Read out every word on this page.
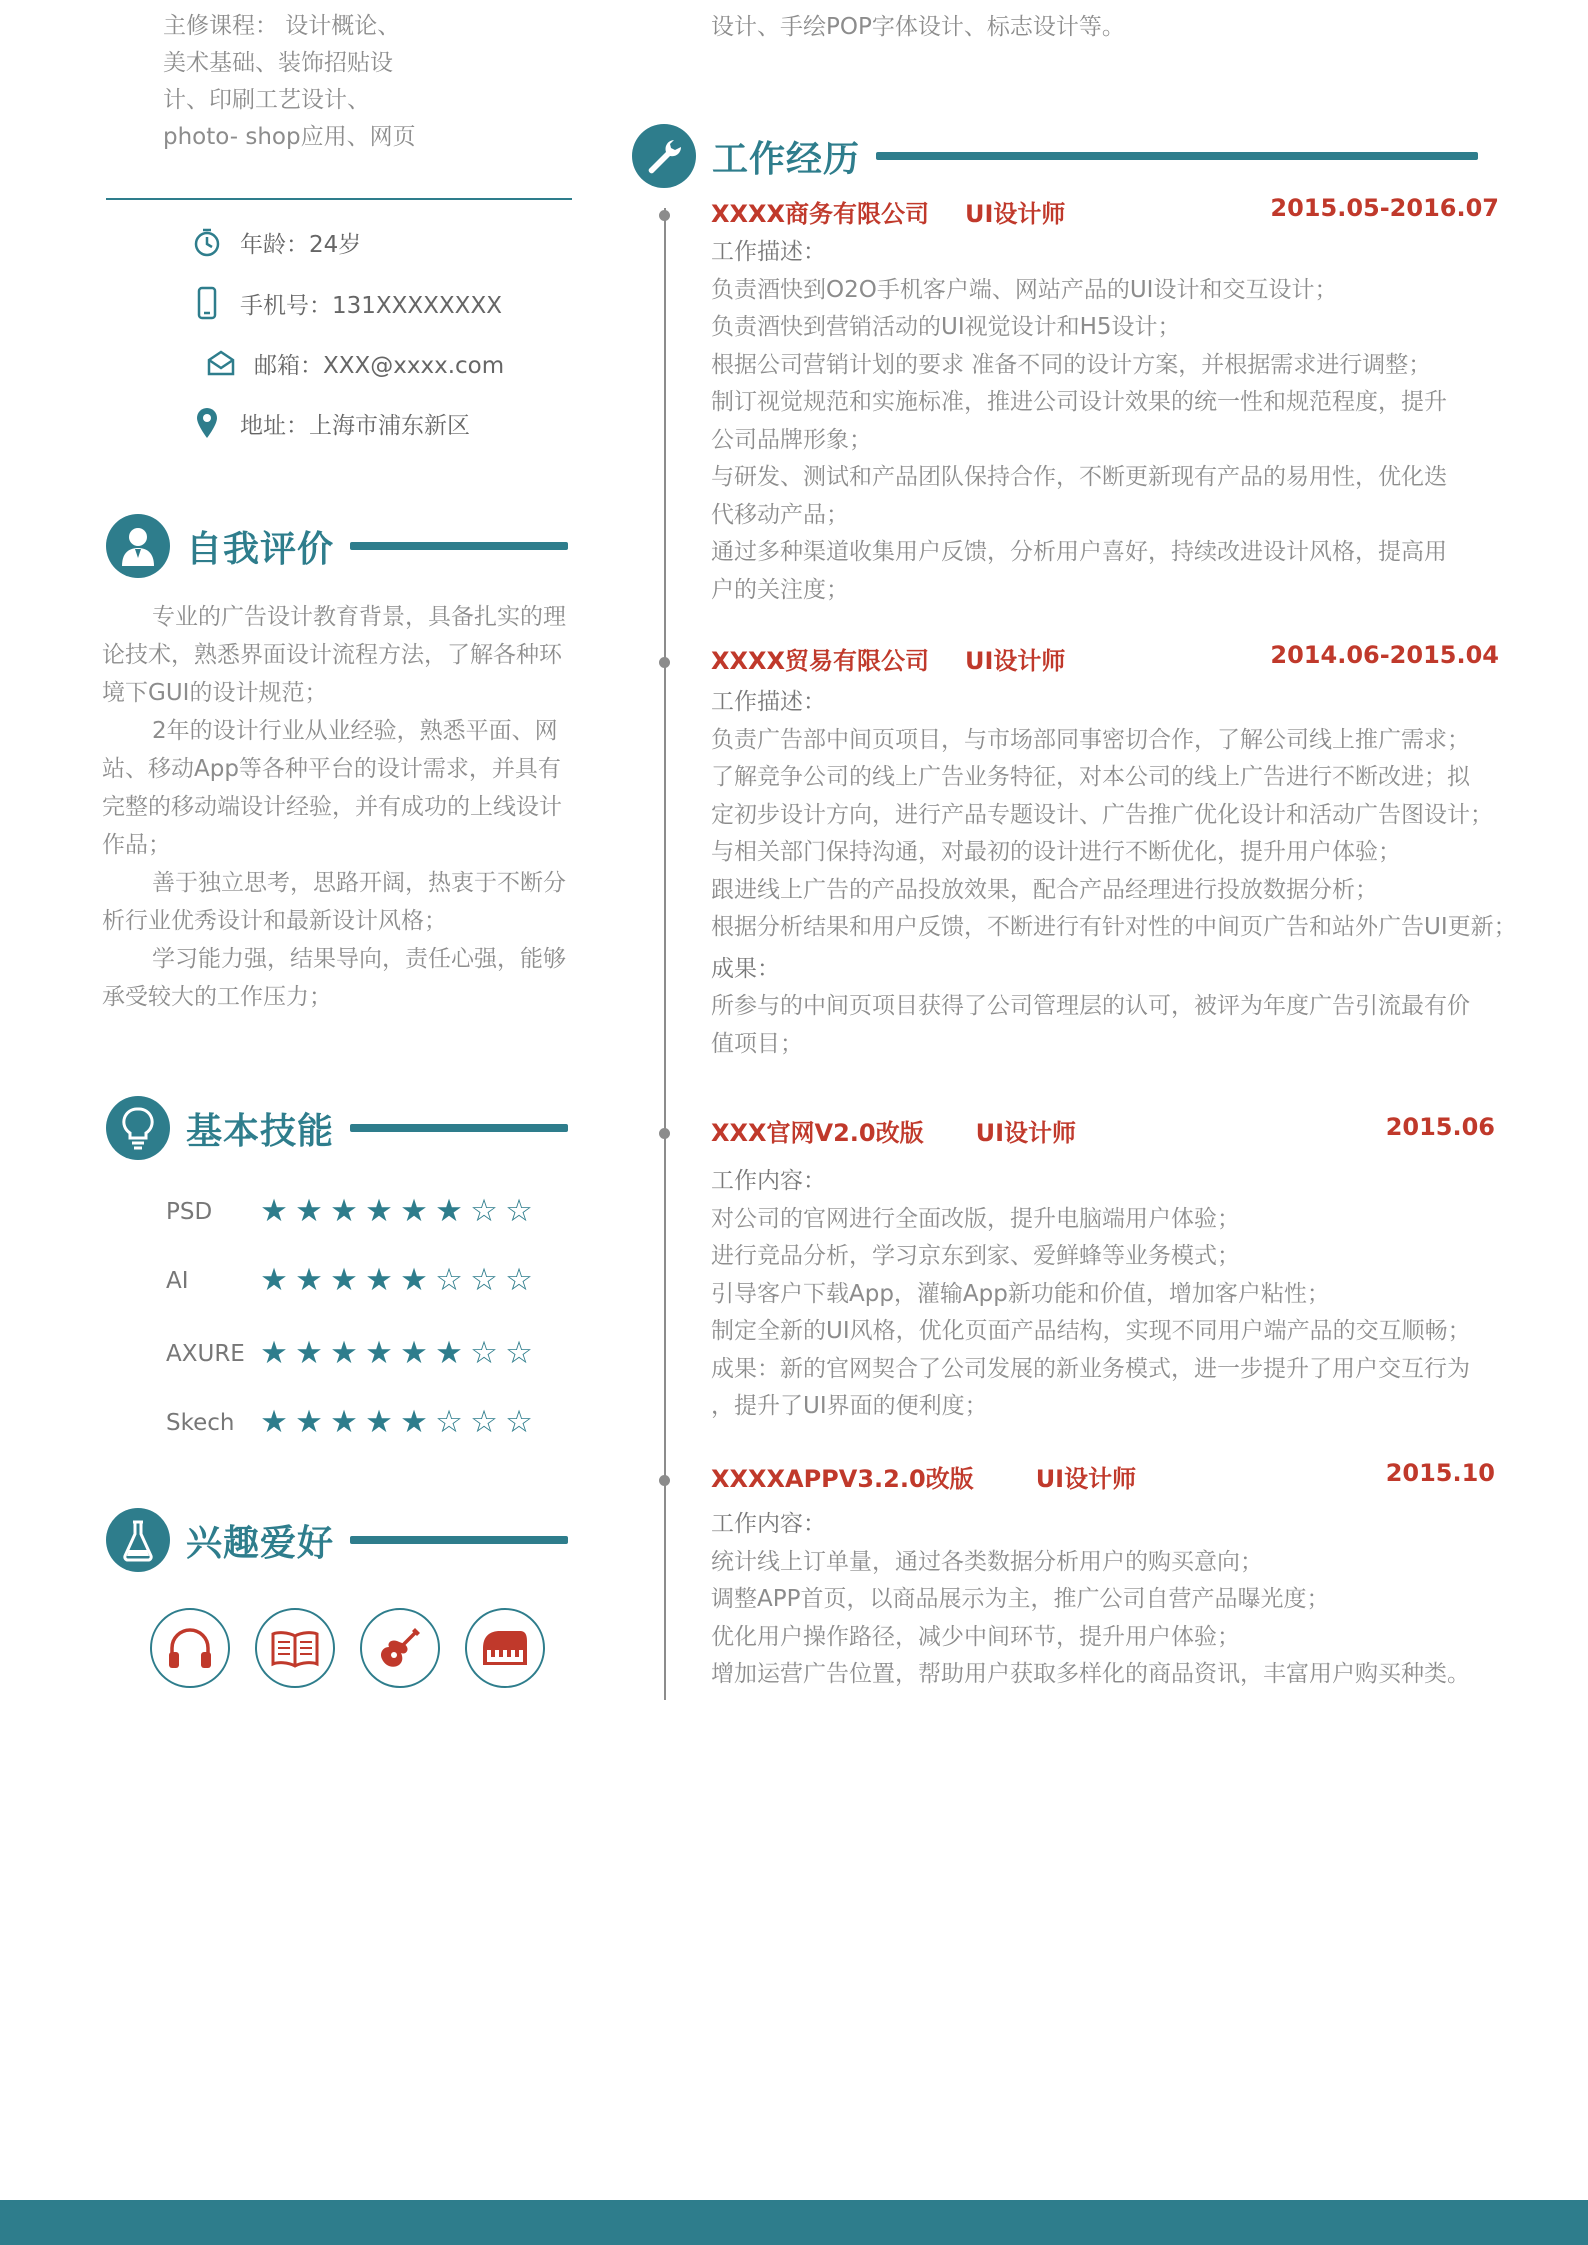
主修课程： 设计概论、
美术基础、装饰招贴设
计、印刷工艺设计、
photo- shop应用、网页
设计、手绘POP字体设计、标志设计等。
年龄：24岁
手机号：131XXXXXXXX
邮箱：XXX@xxxx.com
地址：上海市浦东新区
自我评价

专业的广告设计教育背景，具备扎实的理论技术，熟悉界面设计流程方法，了解各种环境下GUI的设计规范；

2年的设计行业从业经验，熟悉平面、网站、移动App等各种平台的设计需求，并具有完整的移动端设计经验，并有成功的上线设计作品；

善于独立思考，思路开阔，热衷于不断分析行业优秀设计和最新设计风格；

学习能力强，结果导向，责任心强，能够承受较大的工作压力；

基本技能
PSD	★ ★ ★ ★ ★ ★ ☆ ☆
AI	★ ★ ★ ★ ★ ☆ ☆ ☆
AXURE ★ ★ ★ ★ ★ ★ ☆ ☆
Skech ★ ★ ★ ★ ★ ☆ ☆ ☆
兴趣爱好
工作经历
XXXX商务有限公司 UI设计师	2015.05-2016.07
工作描述：
负责酒快到O2O手机客户端、网站产品的UI设计和交互设计；
负责酒快到营销活动的UI视觉设计和H5设计；
根据公司营销计划的要求 准备不同的设计方案，并根据需求进行调整；
制订视觉规范和实施标准，推进公司设计效果的统一性和规范程度，提升
公司品牌形象；
与研发、测试和产品团队保持合作，不断更新现有产品的易用性，优化迭
代移动产品；
通过多种渠道收集用户反馈，分析用户喜好，持续改进设计风格，提高用
户的关注度；
XXXX贸易有限公司 UI设计师	2014.06-2015.04
工作描述：
负责广告部中间页项目，与市场部同事密切合作，了解公司线上推广需求；
了解竞争公司的线上广告业务特征，对本公司的线上广告进行不断改进；拟
定初步设计方向，进行产品专题设计、广告推广优化设计和活动广告图设计；
与相关部门保持沟通，对最初的设计进行不断优化，提升用户体验；
跟进线上广告的产品投放效果，配合产品经理进行投放数据分析；
根据分析结果和用户反馈，不断进行有针对性的中间页广告和站外广告UI更新；
成果：
所参与的中间页项目获得了公司管理层的认可，被评为年度广告引流最有价
值项目；
XXX官网V2.0改版 UI设计师	2015.06
工作内容：
对公司的官网进行全面改版，提升电脑端用户体验；
进行竞品分析，学习京东到家、爱鲜蜂等业务模式；
引导客户下载App，灌输App新功能和价值，增加客户粘性；
制定全新的UI风格，优化页面产品结构，实现不同用户端产品的交互顺畅；
成果：新的官网契合了公司发展的新业务模式，进一步提升了用户交互行为
，提升了UI界面的便利度；
XXXXAPPV3.2.0改版	UI设计师	2015.10
工作内容：
统计线上订单量，通过各类数据分析用户的购买意向；
调整APP首页，以商品展示为主，推广公司自营产品曝光度；
优化用户操作路径，减少中间环节，提升用户体验；
增加运营广告位置，帮助用户获取多样化的商品资讯，丰富用户购买种类。
